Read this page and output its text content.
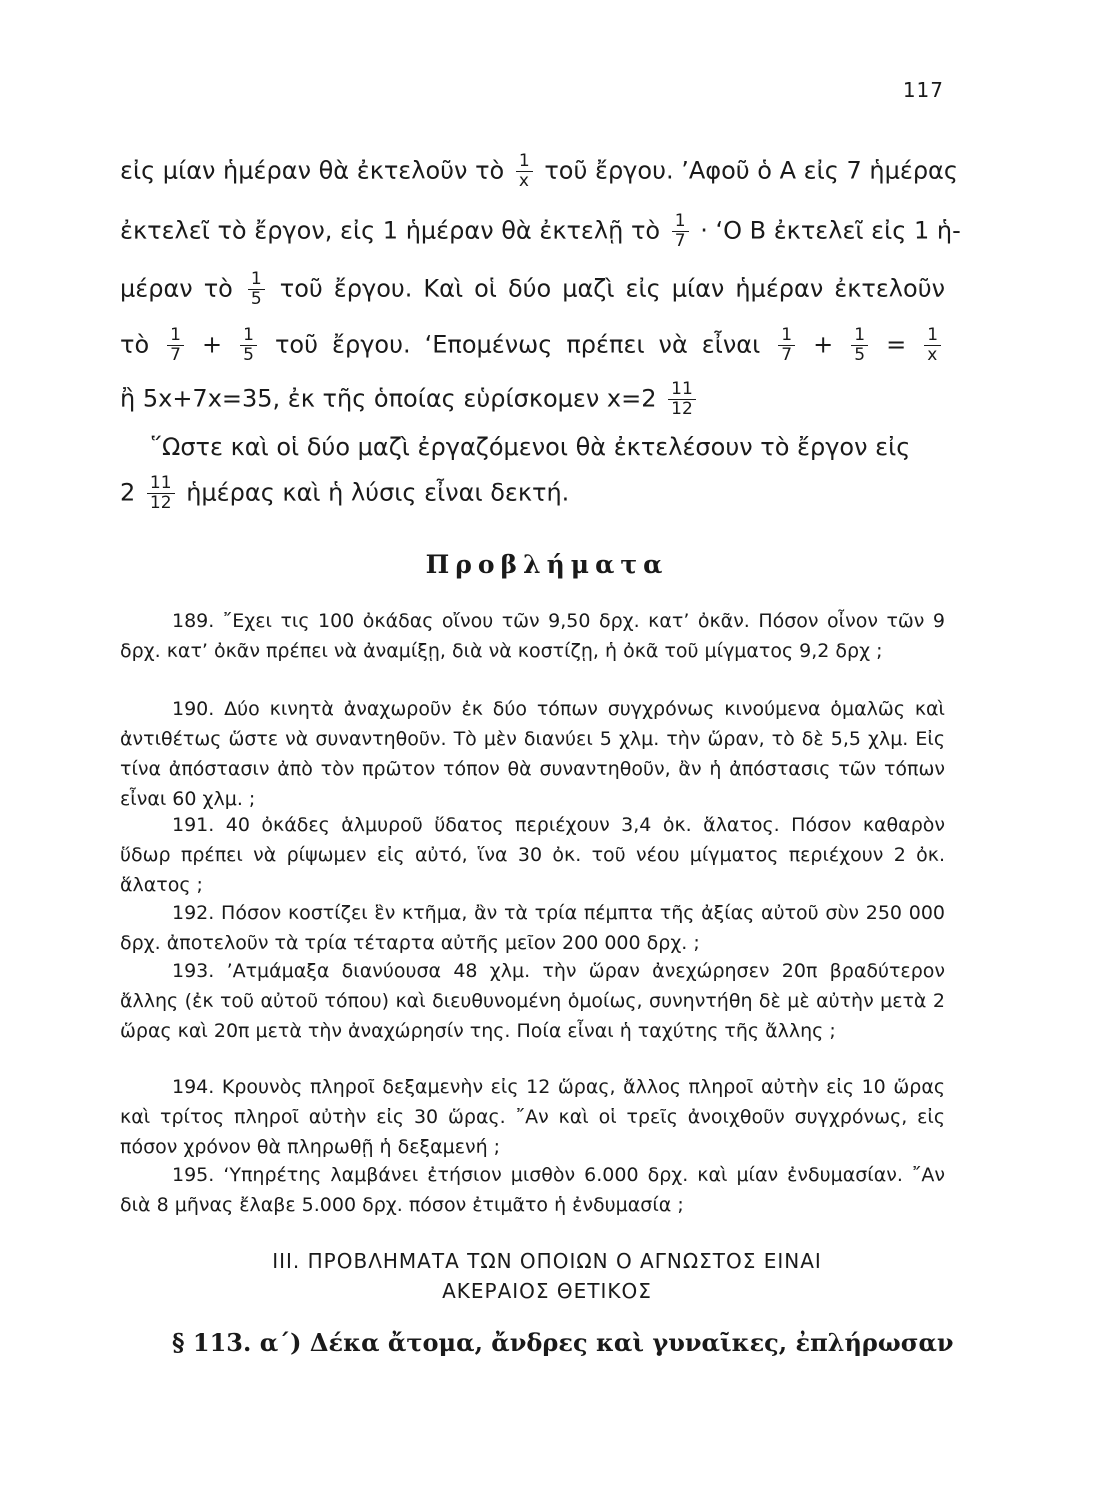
117
εἰς μίαν ἡμέραν θὰ ἐκτελοῦν τὸ $\frac{1}{x}$ τοῦ ἔργου. ’Αφοῦ ὁ Α εἰς 7 ἡμέρας
ἐκτελεῖ τὸ ἔργον, εἰς 1 ἡμέραν θὰ ἐκτελῇ τὸ $\frac{1}{7}$ · ‘Ο Β ἐκτελεῖ εἰς 1 ἡ-
μέραν τὸ $\frac{1}{5}$ τοῦ ἔργου. Καὶ οἱ δύο μαζὶ εἰς μίαν ἡμέραν ἐκτελοῦν
τὸ $\frac{1}{7} + \frac{1}{5}$ τοῦ ἔργου. ‘Επομένως πρέπει νὰ εἶναι $\frac{1}{7} + \frac{1}{5} = \frac{1}{x}$
ἢ 5x+7x=35, ἐκ τῆς ὁποίας εὑρίσκομεν $x=2 \frac{11}{12}$
῞Ωστε καὶ οἱ δύο μαζὶ ἐργαζόμενοι θὰ ἐκτελέσουν τὸ ἔργον εἰς
$2 \frac{11}{12}$ ἡμέρας καὶ ἡ λύσις εἶναι δεκτή.
Προβλήματα
189. ῎Εχει τις 100 ὀκάδας οἴνου τῶν 9,50 δρχ. κατ’ ὀκᾶν. Πόσον οἶνον τῶν 9 δρχ. κατ’ ὀκᾶν πρέπει νὰ ἀναμίξῃ, διὰ νὰ κοστίζῃ, ἡ ὀκᾶ τοῦ μίγματος 9,2 δρχ ;
190. Δύο κινητὰ ἀναχωροῦν ἐκ δύο τόπων συγχρόνως κινούμενα ὁμαλῶς καὶ ἀντιθέτως ὥστε νὰ συναντηθοῦν. Τὸ μὲν διανύει 5 χλμ. τὴν ὥραν, τὸ δὲ 5,5 χλμ. Εἰς τίνα ἀπόστασιν ἀπὸ τὸν πρῶτον τόπον θὰ συναντηθοῦν, ἂν ἡ ἀπόστασις τῶν τόπων εἶναι 60 χλμ. ;
191. 40 ὀκάδες ἁλμυροῦ ὕδατος περιέχουν 3,4 ὀκ. ἅλατος. Πόσον καθαρὸν ὕδωρ πρέπει νὰ ρίψωμεν εἰς αὐτό, ἵνα 30 ὀκ. τοῦ νέου μίγματος περιέχουν 2 ὀκ. ἅλατος ;
192. Πόσον κοστίζει ἓν κτῆμα, ἂν τὰ τρία πέμπτα τῆς ἀξίας αὐτοῦ σὺν 250 000 δρχ. ἀποτελοῦν τὰ τρία τέταρτα αὐτῆς μεῖον 200 000 δρχ. ;
193. ’Ατμάμαξα διανύουσα 48 χλμ. τὴν ὥραν ἀνεχώρησεν 20π βραδύτερον ἄλλης (ἐκ τοῦ αὐτοῦ τόπου) καὶ διευθυνομένη ὁμοίως, συνηντήθη δὲ μὲ αὐτὴν μετὰ 2 ὥρας καὶ 20π μετὰ τὴν ἀναχώρησίν της. Ποία εἶναι ἡ ταχύτης τῆς ἄλλης ;
194. Κρουνὸς πληροῖ δεξαμενὴν εἰς 12 ὥρας, ἄλλος πληροῖ αὐτὴν εἰς 10 ὥρας καὶ τρίτος πληροῖ αὐτὴν εἰς 30 ὥρας. ῎Αν καὶ οἱ τρεῖς ἀνοιχθοῦν συγχρόνως, εἰς πόσον χρόνον θὰ πληρωθῇ ἡ δεξαμενή ;
195. ‘Υπηρέτης λαμβάνει ἐτήσιον μισθὸν 6.000 δρχ. καὶ μίαν ἐνδυμασίαν. ῎Αν διὰ 8 μῆνας ἔλαβε 5.000 δρχ. πόσον ἐτιμᾶτο ἡ ἐνδυμασία ;
III. ΠΡΟΒΛΗΜΑΤΑ ΤΩΝ ΟΠΟΙΩΝ Ο ΑΓΝΩΣΤΟΣ ΕΙΝΑΙ
ΑΚΕΡΑΙΟΣ ΘΕΤΙΚΟΣ
§ 113. α΄) Δέκα ἄτομα, ἄνδρες καὶ γυναῖκες, ἐπλήρωσαν
